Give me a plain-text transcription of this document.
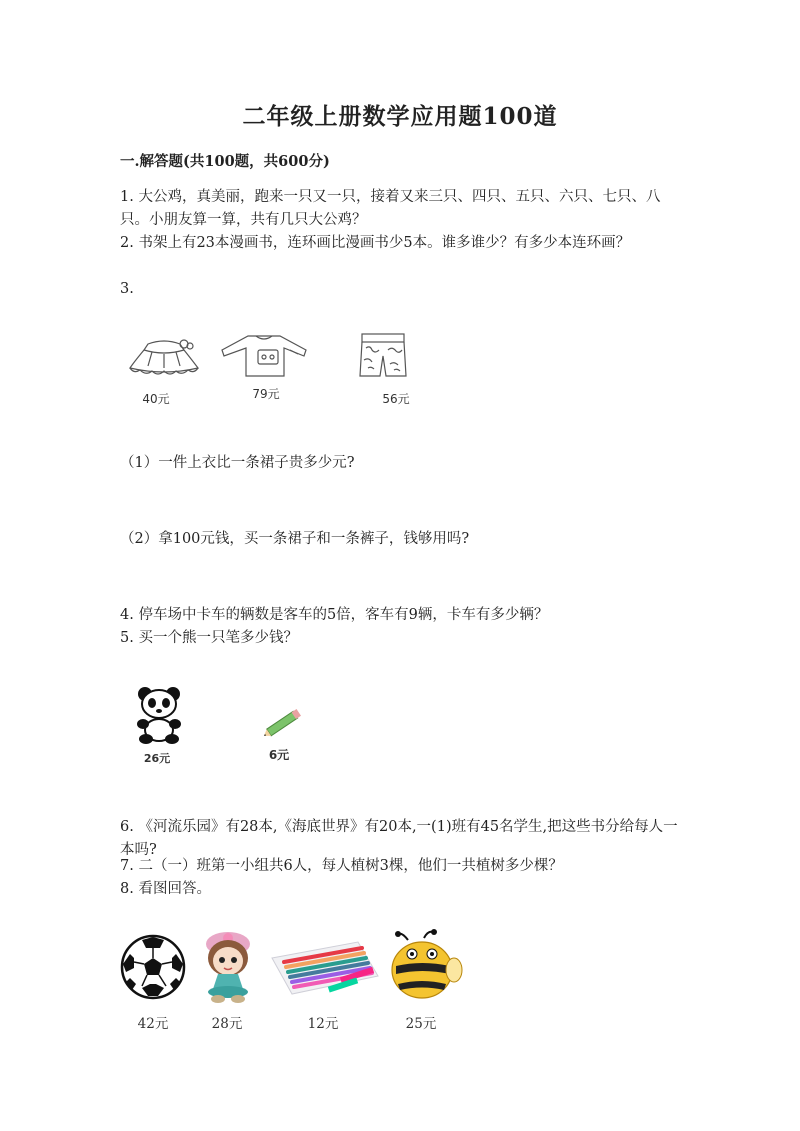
二年级上册数学应用题100道
一.解答题(共100题，共600分)

1. 大公鸡，真美丽，跑来一只又一只，接着又来三只、四只、五只、六只、七只、八只。小朋友算一算，共有几只大公鸡？

2. 书架上有23本漫画书，连环画比漫画书少5本。谁多谁少？有多少本连环画？

3.

40元	79元	56元

（1）一件上衣比一条裙子贵多少元?

（2）拿100元钱，买一条裙子和一条裤子，钱够用吗?

4. 停车场中卡车的辆数是客车的5倍，客车有9辆，卡车有多少辆？

5. 买一个熊一只笔多少钱？

26元	6元

6. 《河流乐园》有28本,《海底世界》有20本,一(1)班有45名学生,把这些书分给每人一本吗?

7. 二（一）班第一小组共6人，每人植树3棵，他们一共植树多少棵？

8. 看图回答。

42元	28元	12元	25元
